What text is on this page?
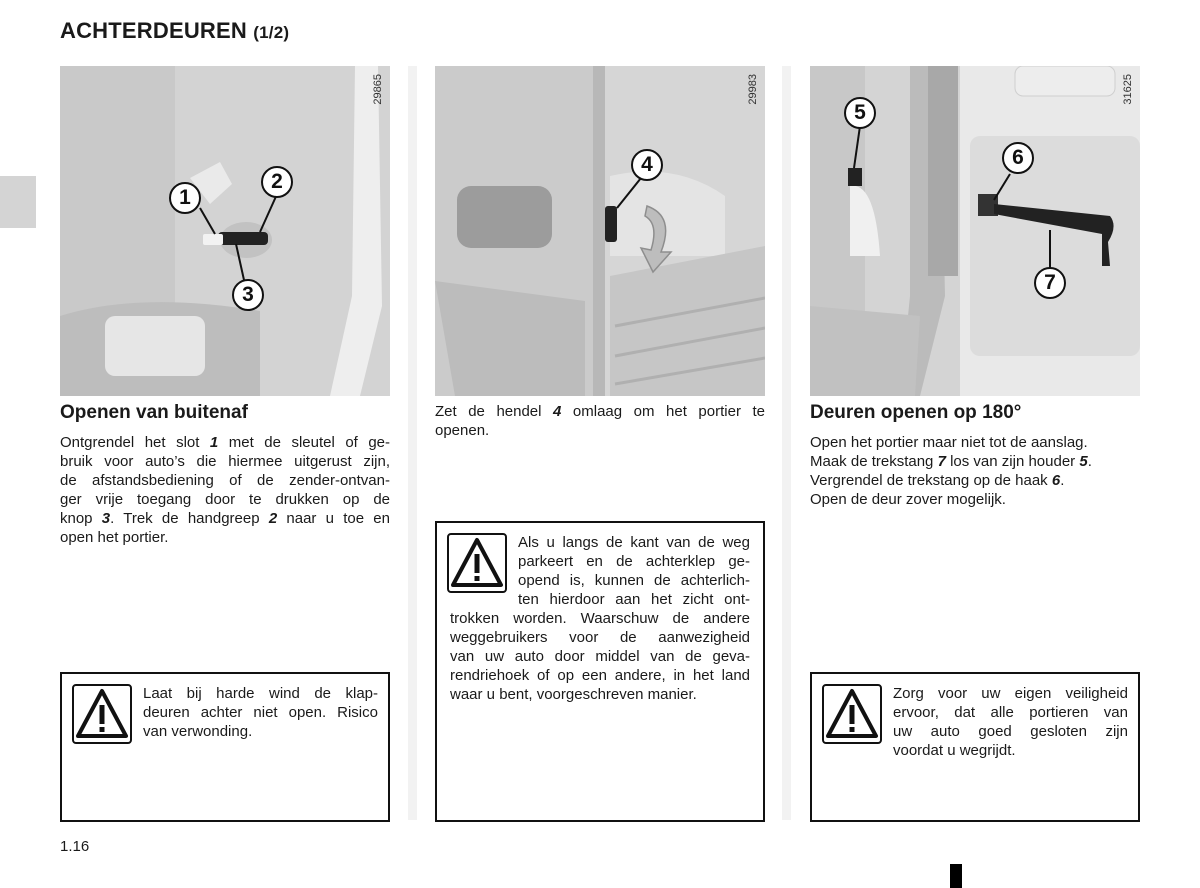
ACHTERDEUREN (1/2)
29865
1
2
3
29983
4
31625
5
6
7
Openen van buitenaf
Ontgrendel het slot 1 met de sleutel of ge-
bruik voor auto’s die hiermee uitgerust zijn,
de afstandsbediening of de zender-ontvan-
ger vrije toegang door te drukken op de
knop 3. Trek de handgreep 2 naar u toe en
open het portier.
Laat bij harde wind de klap-
deuren achter niet open. Risico
van verwonding.
Zet de hendel 4 omlaag om het portier te
openen.
Als u langs de kant van de weg
parkeert en de achterklep ge-
opend is, kunnen de achterlich-
ten hierdoor aan het zicht ont-
trokken worden. Waarschuw de andere
weggebruikers voor de aanwezigheid
van uw auto door middel van de geva-
rendriehoek of op een andere, in het land
waar u bent, voorgeschreven manier.
Deuren openen op 180°
Open het portier maar niet tot de aanslag.
Maak de trekstang 7 los van zijn houder 5.
Vergrendel de trekstang op de haak 6.
Open de deur zover mogelijk.
Zorg voor uw eigen veiligheid
ervoor, dat alle portieren van
uw auto goed gesloten zijn
voordat u wegrijdt.
1.16
